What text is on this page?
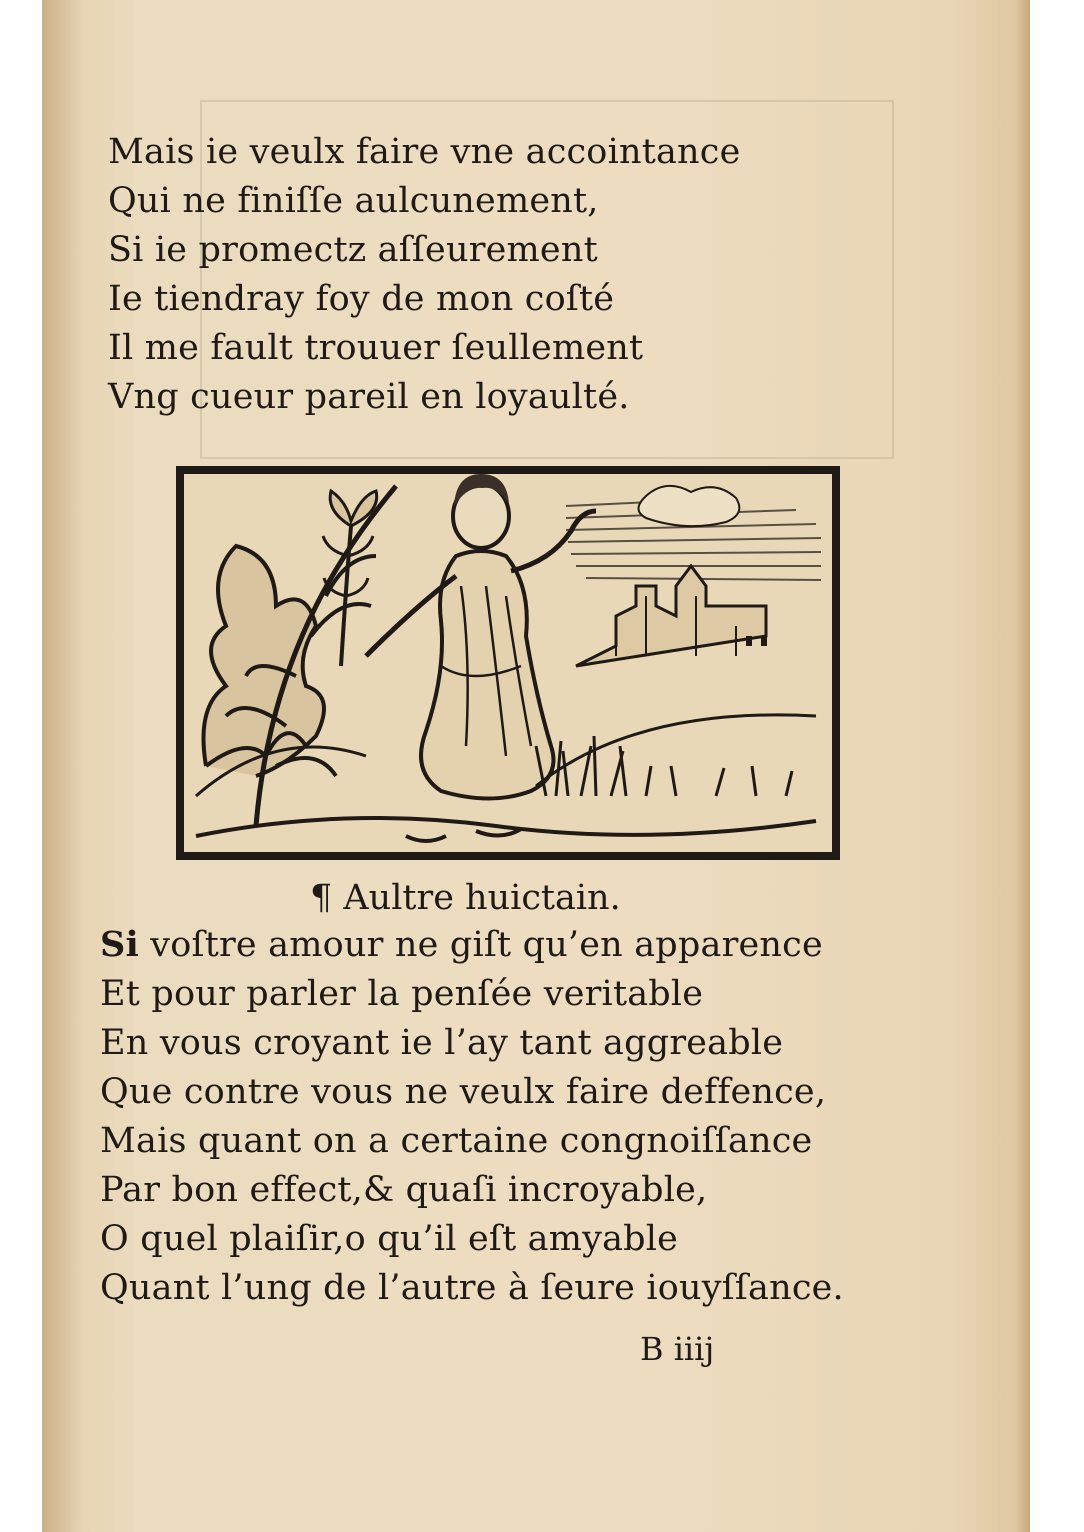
Mais ie veulx faire vne accointance
Qui ne finiſſe aulcunement,
Si ie promectz aſſeurement
Ie tiendray foy de mon coſté
Il me fault trouuer ſeullement
Vng cueur pareil en loyaulté.
¶ Aultre huictain.
Si voſtre amour ne giſt qu’en apparence
Et pour parler la penſée veritable
En vous croyant ie l’ay tant aggreable
Que contre vous ne veulx faire deffence,
Mais quant on a certaine congnoiſſance
Par bon effect,& quaſi incroyable,
O quel plaiſir,o qu’il eſt amyable
Quant l’ung de l’autre à ſeure iouyſſance.
B iiij
